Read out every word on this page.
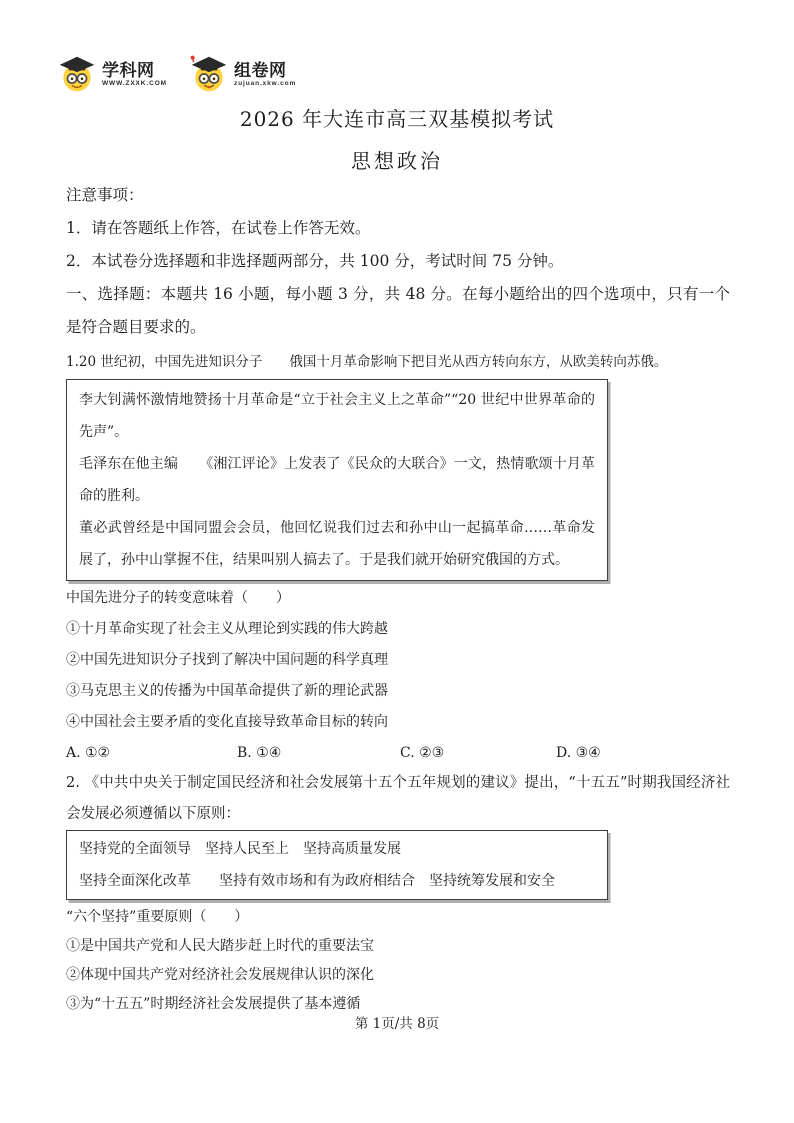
学科网
WWW.ZXXK.COM
组卷网
zujuan.xkw.com
2026 年大连市高三双基模拟考试
思想政治

注意事项：

1．请在答题纸上作答，在试卷上作答无效。

2．本试卷分选择题和非选择题两部分，共 100 分，考试时间 75 分钟。

一、选择题：本题共 16 小题，每小题 3 分，共 48 分。在每小题给出的四个选项中，只有一个是符合题目要求的。

1.20 世纪初，中国先进知识分子　　俄国十月革命影响下把目光从西方转向东方，从欧美转向苏俄。

李大钊满怀激情地赞扬十月革命是“立于社会主义上之革命”“20 世纪中世界革命的先声”。

毛泽东在他主编　　《湘江评论》上发表了《民众的大联合》一文，热情歌颂十月革命的胜利。

董必武曾经是中国同盟会会员，他回忆说我们过去和孙中山一起搞革命……革命发展了，孙中山掌握不住，结果叫别人搞去了。于是我们就开始研究俄国的方式。

中国先进分子的转变意味着（　　）

①十月革命实现了社会主义从理论到实践的伟大跨越

②中国先进知识分子找到了解决中国问题的科学真理

③马克思主义的传播为中国革命提供了新的理论武器

④中国社会主要矛盾的变化直接导致革命目标的转向

A. ①②	B. ①④	C. ②③	D. ③④

2. 《中共中央关于制定国民经济和社会发展第十五个五年规划的建议》提出，“十五五”时期我国经济社会发展必须遵循以下原则：

坚持党的全面领导　坚持人民至上　坚持高质量发展

坚持全面深化改革　　坚持有效市场和有为政府相结合　坚持统筹发展和安全

“六个坚持”重要原则（　　）

①是中国共产党和人民大踏步赶上时代的重要法宝

②体现中国共产党对经济社会发展规律认识的深化

③为“十五五”时期经济社会发展提供了基本遵循

第 1页/共 8页
